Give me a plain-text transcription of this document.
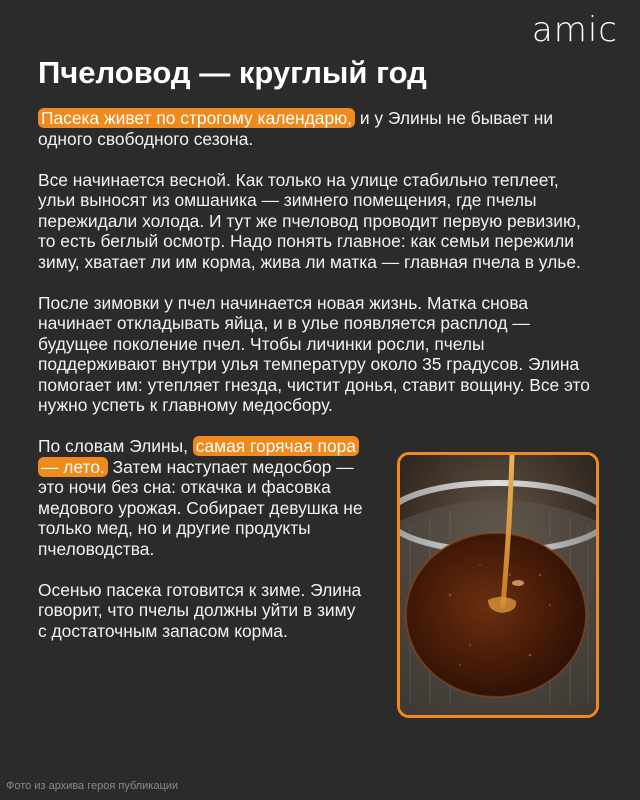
amic
Пчеловод — круглый год

Пасека живет по строгому календарю, и у Элины не бывает ни одного свободного сезона.

Все начинается весной. Как только на улице стабильно теплеет, ульи выносят из омшаника — зимнего помещения, где пчелы пережидали холода. И тут же пчеловод проводит первую ревизию, то есть беглый осмотр. Надо понять главное: как семьи пережили зиму, хватает ли им корма, жива ли матка — главная пчела в улье.

После зимовки у пчел начинается новая жизнь. Матка снова начинает откладывать яйца, и в улье появляется расплод — будущее поколение пчел. Чтобы личинки росли, пчелы поддерживают внутри улья температуру около 35 градусов. Элина помогает им: утепляет гнезда, чистит донья, ставит вощину. Все это нужно успеть к главному медосбору.

По словам Элины, самая горячая пора — лето. Затем наступает медосбор — это ночи без сна: откачка и фасовка медового урожая. Собирает девушка не только мед, но и другие продукты пчеловодства.

Осенью пасека готовится к зиме. Элина говорит, что пчелы должны уйти в зиму с достаточным запасом корма.

Фото из архива героя публикации
